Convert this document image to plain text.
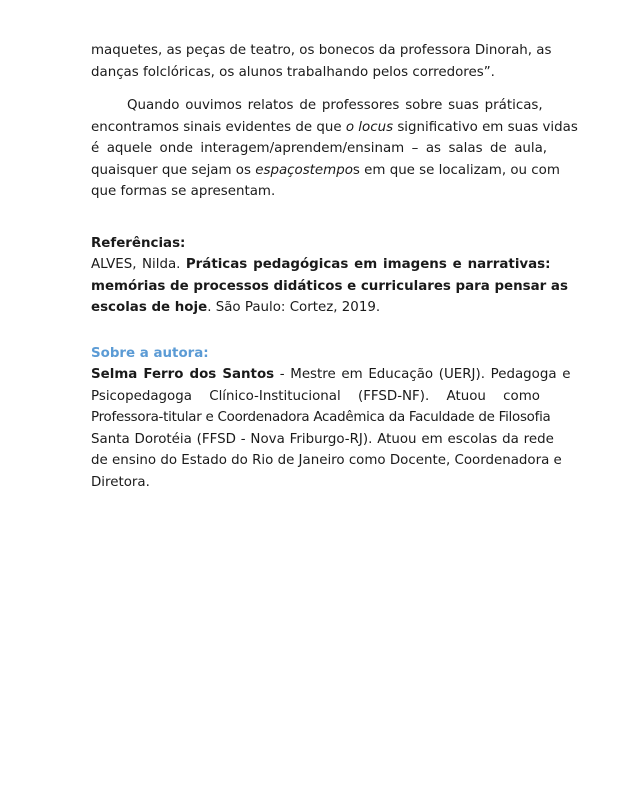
maquetes, as peças de teatro, os bonecos da professora Dinorah, as
danças folclóricas, os alunos trabalhando pelos corredores”.
Quando ouvimos relatos de professores sobre suas práticas,
encontramos sinais evidentes de que o locus significativo em suas vidas
é aquele onde interagem/aprendem/ensinam – as salas de aula,
quaisquer que sejam os espaçostempos em que se localizam, ou com
que formas se apresentam.
Referências:
ALVES, Nilda. Práticas pedagógicas em imagens e narrativas:
memórias de processos didáticos e curriculares para pensar as
escolas de hoje. São Paulo: Cortez, 2019.
Sobre a autora:
Selma Ferro dos Santos - Mestre em Educação (UERJ). Pedagoga e
Psicopedagoga Clínico-Institucional (FFSD-NF). Atuou como
Professora-titular e Coordenadora Acadêmica da Faculdade de Filosofia
Santa Dorotéia (FFSD - Nova Friburgo-RJ). Atuou em escolas da rede
de ensino do Estado do Rio de Janeiro como Docente, Coordenadora e
Diretora.
